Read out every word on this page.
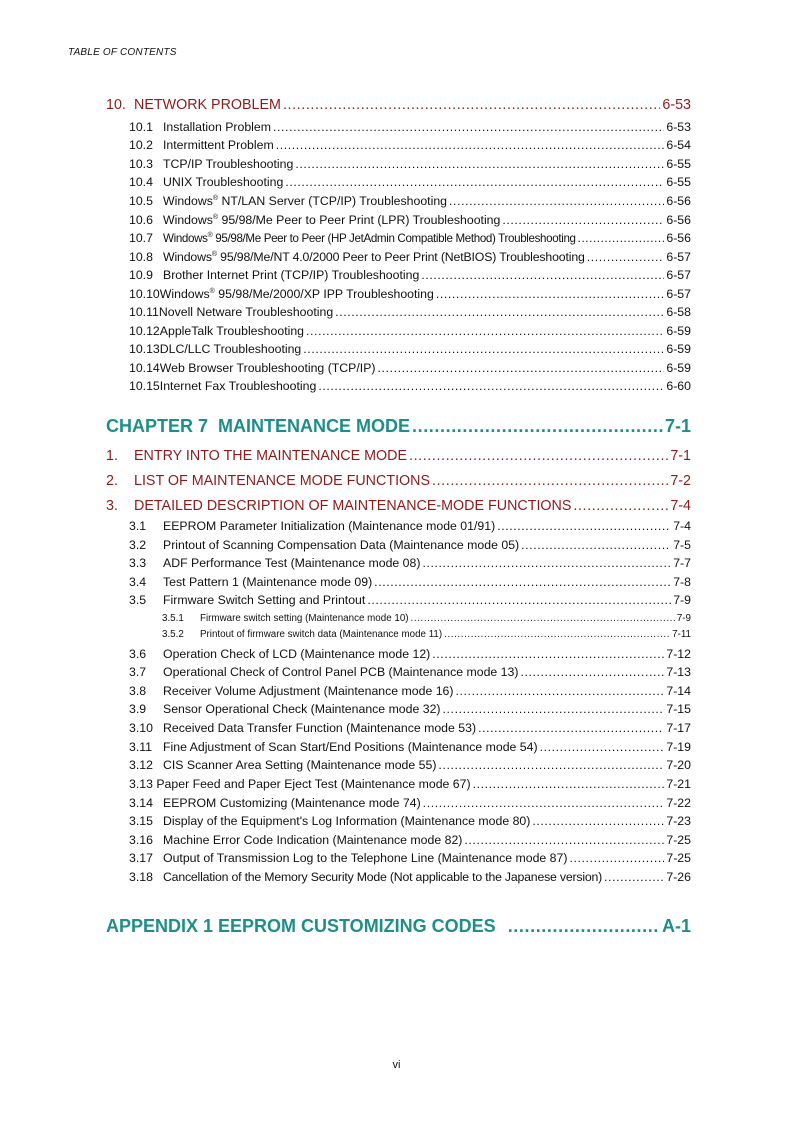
TABLE OF CONTENTS
10. NETWORK PROBLEM .....	6-53
10.1 Installation Problem .....	6-53
10.2 Intermittent Problem .....	6-54
10.3 TCP/IP Troubleshooting .....	6-55
10.4 UNIX Troubleshooting .....	6-55
10.5 Windows® NT/LAN Server (TCP/IP) Troubleshooting .....	6-56
10.6 Windows® 95/98/Me Peer to Peer Print (LPR) Troubleshooting .....	6-56
10.7 Windows® 95/98/Me Peer to Peer (HP JetAdmin Compatible Method) Troubleshooting .....	6-56
10.8 Windows® 95/98/Me/NT 4.0/2000 Peer to Peer Print (NetBIOS) Troubleshooting .....	6-57
10.9 Brother Internet Print (TCP/IP) Troubleshooting .....	6-57
10.10Windows® 95/98/Me/2000/XP IPP Troubleshooting .....	6-57
10.11Novell Netware Troubleshooting .....	6-58
10.12AppleTalk Troubleshooting .....	6-59
10.13DLC/LLC Troubleshooting .....	6-59
10.14Web Browser Troubleshooting (TCP/IP) .....	6-59
10.15Internet Fax Troubleshooting .....	6-60
CHAPTER 7 MAINTENANCE MODE .....	7-1
1.	ENTRY INTO THE MAINTENANCE MODE .....	7-1
2.	LIST OF MAINTENANCE MODE FUNCTIONS .....	7-2
3.	DETAILED DESCRIPTION OF MAINTENANCE-MODE FUNCTIONS .....	7-4
3.1	EEPROM Parameter Initialization (Maintenance mode 01/91) .....	7-4
3.2	Printout of Scanning Compensation Data (Maintenance mode 05) .....	7-5
3.3	ADF Performance Test (Maintenance mode 08) .....	7-7
3.4	Test Pattern 1 (Maintenance mode 09) .....	7-8
3.5	Firmware Switch Setting and Printout .....	7-9
3.5.1	Firmware switch setting (Maintenance mode 10) .....	7-9
3.5.2	Printout of firmware switch data (Maintenance mode 11) .....	7-11
3.6	Operation Check of LCD (Maintenance mode 12) .....	7-12
3.7	Operational Check of Control Panel PCB (Maintenance mode 13) .....	7-13
3.8	Receiver Volume Adjustment (Maintenance mode 16) .....	7-14
3.9	Sensor Operational Check (Maintenance mode 32) .....	7-15
3.10 Received Data Transfer Function (Maintenance mode 53) .....	7-17
3.11 Fine Adjustment of Scan Start/End Positions (Maintenance mode 54) .....	7-19
3.12 CIS Scanner Area Setting (Maintenance mode 55) .....	7-20
3.13 Paper Feed and Paper Eject Test (Maintenance mode 67) .....	7-21
3.14 EEPROM Customizing (Maintenance mode 74) .....	7-22
3.15 Display of the Equipment's Log Information (Maintenance mode 80) .....	7-23
3.16 Machine Error Code Indication (Maintenance mode 82) .....	7-25
3.17 Output of Transmission Log to the Telephone Line (Maintenance mode 87) .....	7-25
3.18 Cancellation of the Memory Security Mode (Not applicable to the Japanese version) .....	7-26
APPENDIX 1 EEPROM CUSTOMIZING CODES .....	A-1
vi
